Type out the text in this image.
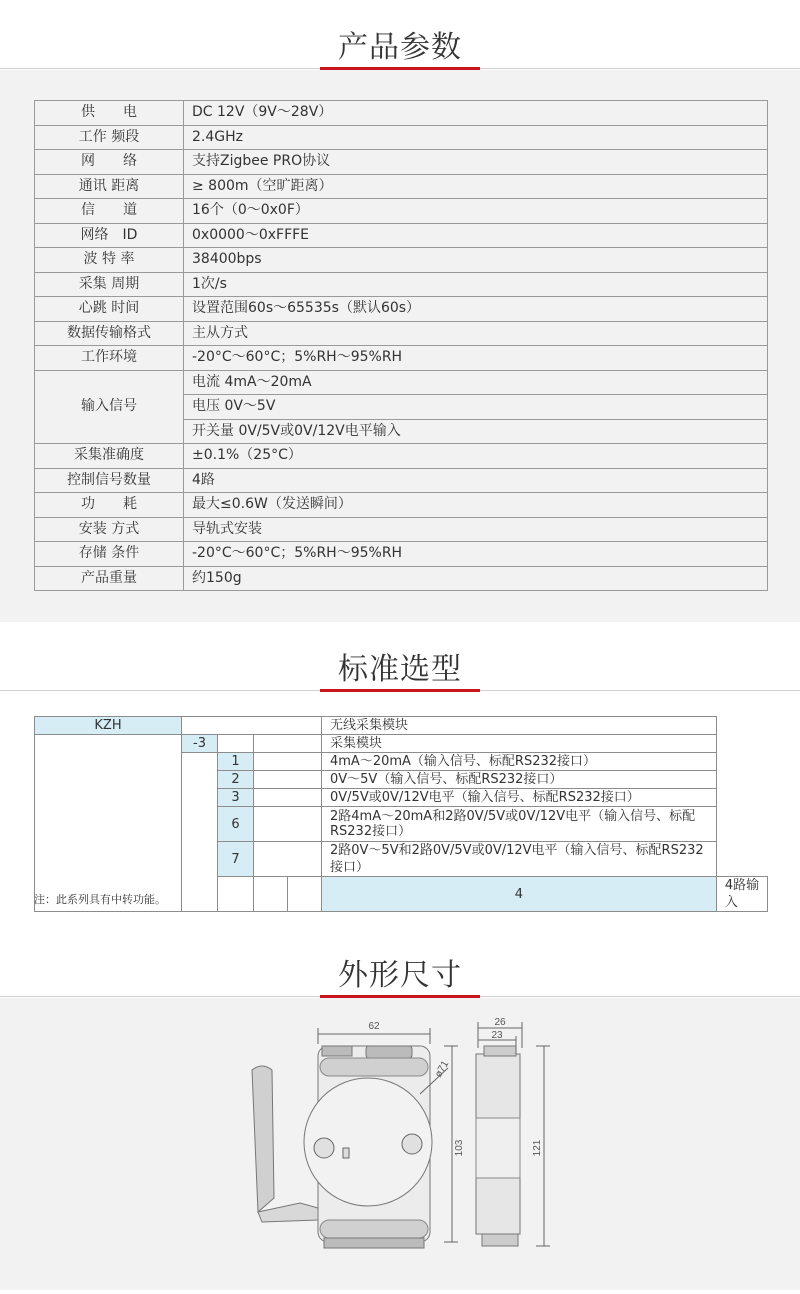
产品参数
供　　电	DC 12V（9V～28V）
工作 频段	2.4GHz
网　　络	支持Zigbee PRO协议
通讯 距离	≥ 800m（空旷距离）
信　　道	16个（0～0x0F）
网络　ID	0x0000～0xFFFE
波 特 率	38400bps
采集 周期	1次/s
心跳 时间	设置范围60s～65535s（默认60s）
数据传输格式	主从方式
工作环境	-20°C～60°C；5%RH～95%RH
输入信号	电流 4mA～20mA
	电压 0V～5V
	开关量 0V/5V或0V/12V电平输入
采集准确度	±0.1%（25°C）
控制信号数量	4路
功　　耗	最大≤0.6W（发送瞬间）
安装 方式	导轨式安装
存储 条件	-20°C～60°C；5%RH～95%RH
产品重量	约150g
标准选型
KZH					无线采集模块	
	-3				采集模块	
		1			4mA～20mA（输入信号、标配RS232接口）	
		2			0V～5V（输入信号、标配RS232接口）	
		3			0V/5V或0V/12V电平（输入信号、标配RS232接口）	
		6			2路4mA～20mA和2路0V/5V或0V/12V电平（输入信号、标配RS232接口）	
		7			2路0V～5V和2路0V/5V或0V/12V电平（输入信号、标配RS232接口）	
					4	4路输入
注：此系列具有中转功能。
外形尺寸
62
103
ø71
26
23
121
